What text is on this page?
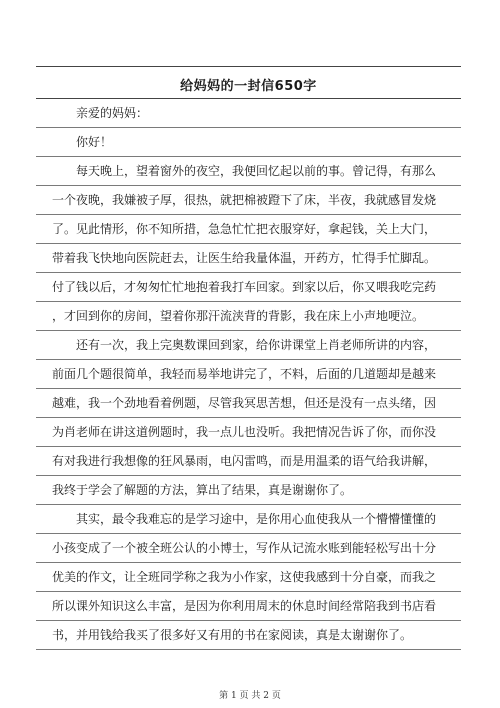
给妈妈的一封信650字
亲爱的妈妈：
你好！
每天晚上，望着窗外的夜空，我便回忆起以前的事。曾记得，有那么
一个夜晚，我嫌被子厚，很热，就把棉被蹬下了床，半夜，我就感冒发烧
了。见此情形，你不知所措，急急忙忙把衣服穿好，拿起钱，关上大门，
带着我飞快地向医院赶去，让医生给我量体温，开药方，忙得手忙脚乱。
付了钱以后，才匆匆忙忙地抱着我打车回家。到家以后，你又喂我吃完药
，才回到你的房间，望着你那汗流浃背的背影，我在床上小声地哽泣。
还有一次，我上完奥数课回到家，给你讲课堂上肖老师所讲的内容，
前面几个题很简单，我轻而易举地讲完了，不料，后面的几道题却是越来
越难，我一个劲地看着例题，尽管我冥思苦想，但还是没有一点头绪，因
为肖老师在讲这道例题时，我一点儿也没听。我把情况告诉了你，而你没
有对我进行我想像的狂风暴雨，电闪雷鸣，而是用温柔的语气给我讲解，
我终于学会了解题的方法，算出了结果，真是谢谢你了。
其实，最令我难忘的是学习途中，是你用心血使我从一个懵懵懂懂的
小孩变成了一个被全班公认的小博士，写作从记流水账到能轻松写出十分
优美的作文，让全班同学称之我为小作家，这使我感到十分自豪，而我之
所以课外知识这么丰富，是因为你利用周末的休息时间经常陪我到书店看
书，并用钱给我买了很多好又有用的书在家阅读，真是太谢谢你了。
第 1 页 共 2 页
